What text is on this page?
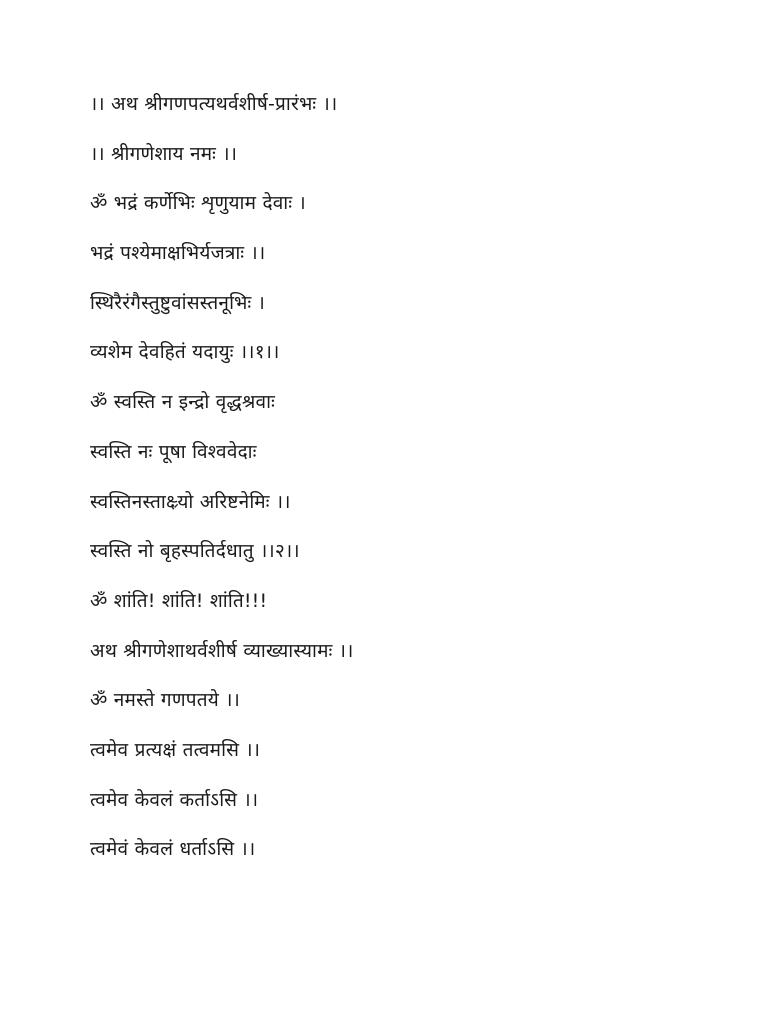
।। अथ श्रीगणपत्यथर्वशीर्ष-प्रारंभः ।।
।। श्रीगणेशाय नमः ।।
ॐ भद्रं कर्णेभिः शृणुयाम देवाः ।
भद्रं पश्येमाक्षभिर्यजत्राः ।।
स्थिरैरंगैस्तुष्टुवांसस्तनूभिः ।
व्यशेम देवहितं यदायुः ।।१।।
ॐ स्वस्ति न इन्द्रो वृद्धश्रवाः
स्वस्ति नः पूषा विश्ववेदाः
स्वस्तिनस्ताक्ष्र्यो अरिष्टनेमिः ।।
स्वस्ति नो बृहस्पतिर्दधातु ।।२।।
ॐ शांति! शांति! शांति!!!
अथ श्रीगणेशाथर्वशीर्ष व्याख्यास्यामः ।।
ॐ नमस्ते गणपतये ।।
त्वमेव प्रत्यक्षं तत्वमसि ।।
त्वमेव केवलं कर्ताऽसि ।।
त्वमेवं केवलं धर्ताऽसि ।।
